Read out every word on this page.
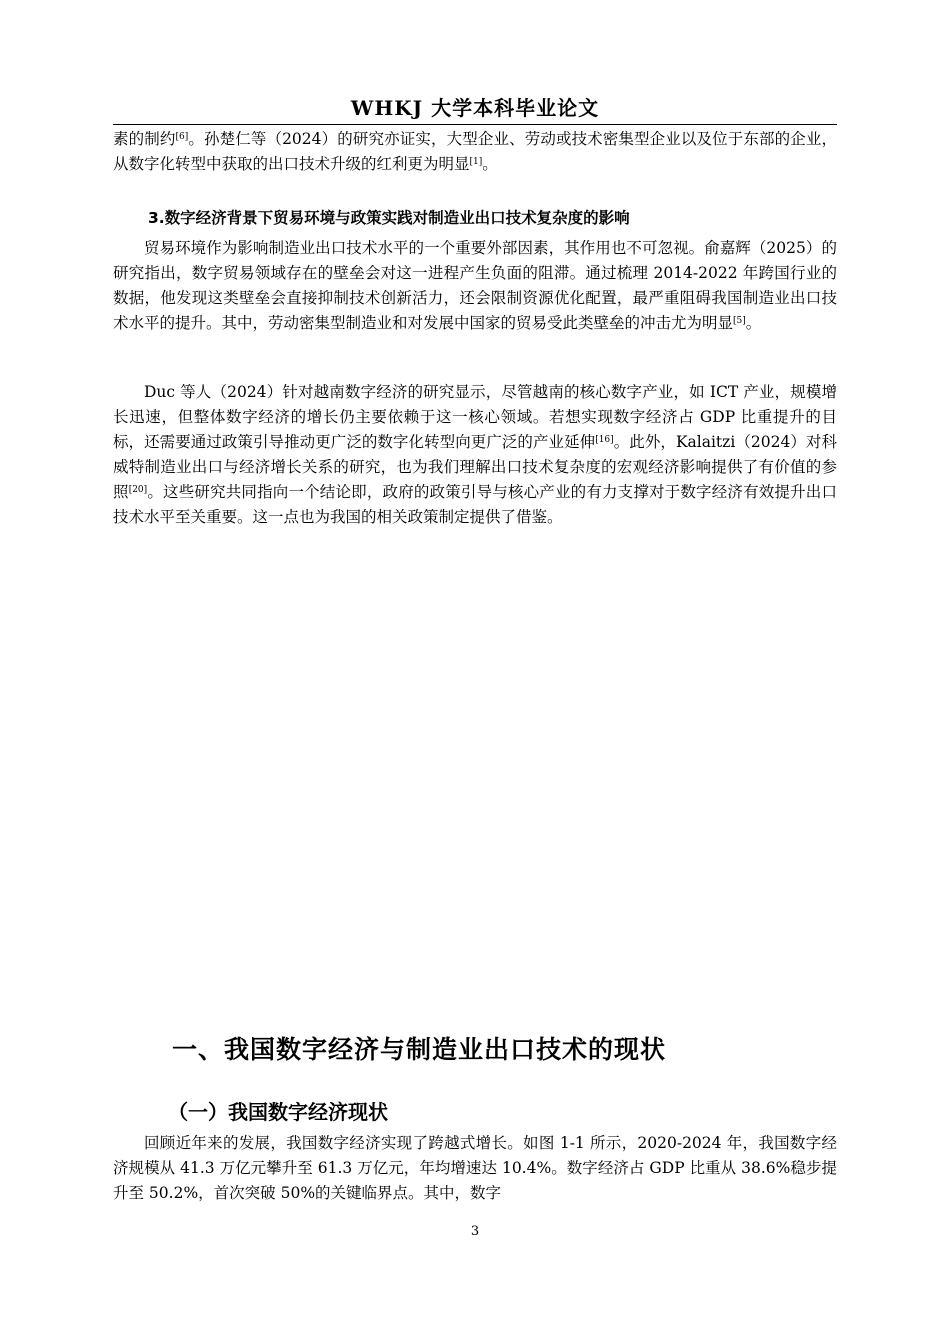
WHKJ 大学本科毕业论文

素的制约[6]。孙楚仁等（2024）的研究亦证实，大型企业、劳动或技术密集型企业以及位于东部的企业，从数字化转型中获取的出口技术升级的红利更为明显[1]。

3.数字经济背景下贸易环境与政策实践对制造业出口技术复杂度的影响

贸易环境作为影响制造业出口技术水平的一个重要外部因素，其作用也不可忽视。俞嘉辉（2025）的研究指出，数字贸易领域存在的壁垒会对这一进程产生负面的阻滞。通过梳理 2014-2022 年跨国行业的数据，他发现这类壁垒会直接抑制技术创新活力，还会限制资源优化配置，最严重阻碍我国制造业出口技术水平的提升。其中，劳动密集型制造业和对发展中国家的贸易受此类壁垒的冲击尤为明显[5]。

Duc 等人（2024）针对越南数字经济的研究显示，尽管越南的核心数字产业，如 ICT 产业，规模增长迅速，但整体数字经济的增长仍主要依赖于这一核心领域。若想实现数字经济占 GDP 比重提升的目标，还需要通过政策引导推动更广泛的数字化转型向更广泛的产业延伸[16]。此外，Kalaitzi（2024）对科威特制造业出口与经济增长关系的研究，也为我们理解出口技术复杂度的宏观经济影响提供了有价值的参照[20]。这些研究共同指向一个结论即，政府的政策引导与核心产业的有力支撑对于数字经济有效提升出口技术水平至关重要。这一点也为我国的相关政策制定提供了借鉴。

一、我国数字经济与制造业出口技术的现状
（一）我国数字经济现状

回顾近年来的发展，我国数字经济实现了跨越式增长。如图 1-1 所示，2020-2024 年，我国数字经济规模从 41.3 万亿元攀升至 61.3 万亿元，年均增速达 10.4%。数字经济占 GDP 比重从 38.6%稳步提升至 50.2%，首次突破 50%的关键临界点。其中，数字

3
